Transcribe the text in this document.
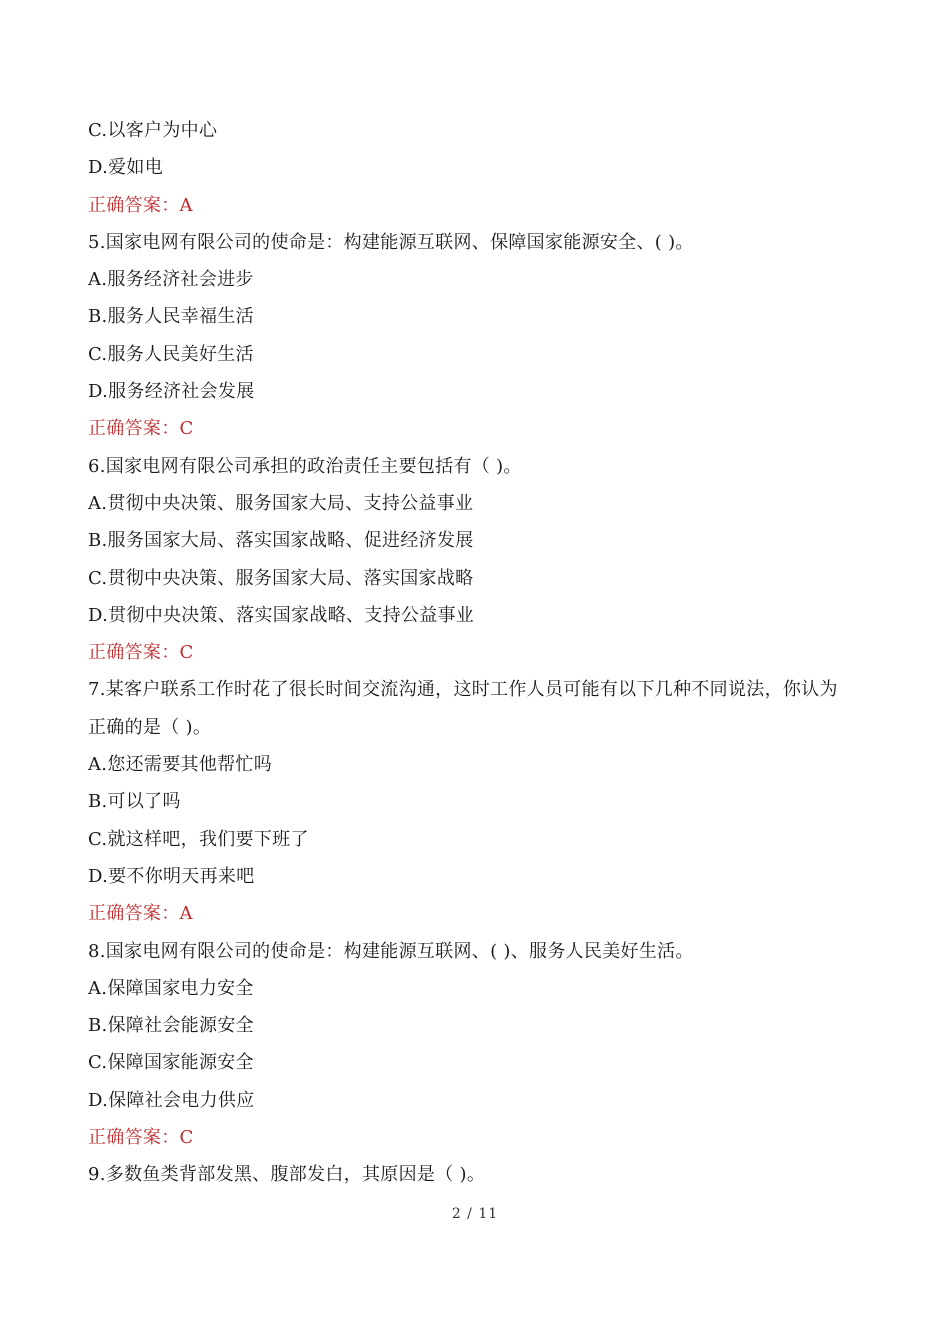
C.以客户为中心
D.爱如电
正确答案：A
5.国家电网有限公司的使命是：构建能源互联网、保障国家能源安全、( )。
A.服务经济社会进步
B.服务人民幸福生活
C.服务人民美好生活
D.服务经济社会发展
正确答案：C
6.国家电网有限公司承担的政治责任主要包括有（ )。
A.贯彻中央决策、服务国家大局、支持公益事业
B.服务国家大局、落实国家战略、促进经济发展
C.贯彻中央决策、服务国家大局、落实国家战略
D.贯彻中央决策、落实国家战略、支持公益事业
正确答案：C
7.某客户联系工作时花了很长时间交流沟通，这时工作人员可能有以下几种不同说法，你认为
正确的是（ )。
A.您还需要其他帮忙吗
B.可以了吗
C.就这样吧，我们要下班了
D.要不你明天再来吧
正确答案：A
8.国家电网有限公司的使命是：构建能源互联网、( )、服务人民美好生活。
A.保障国家电力安全
B.保障社会能源安全
C.保障国家能源安全
D.保障社会电力供应
正确答案：C
9.多数鱼类背部发黑、腹部发白，其原因是（ )。
2 / 11
